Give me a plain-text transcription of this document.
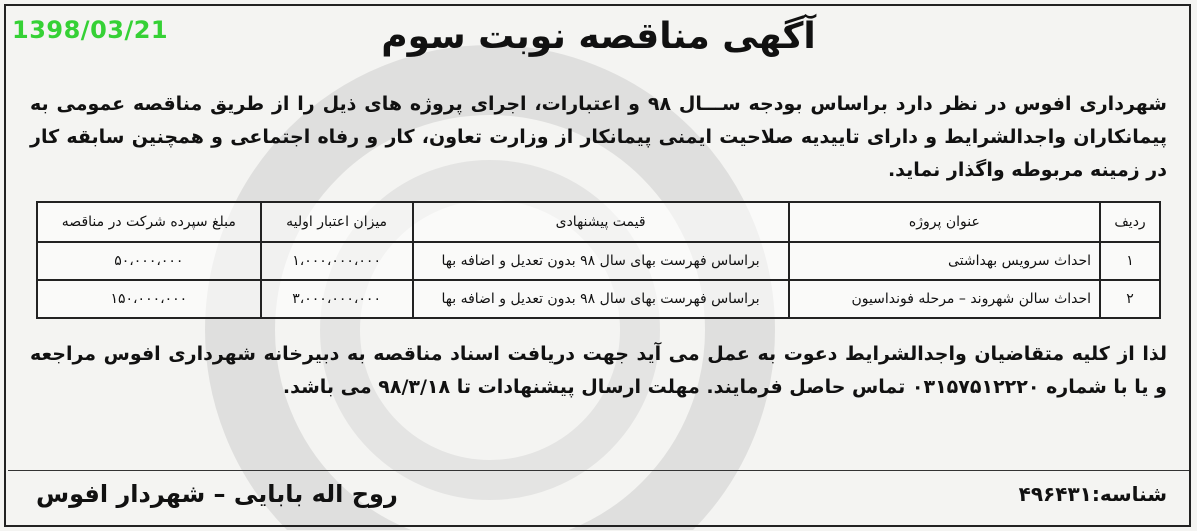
1398/03/21	آگهی مناقصه نوبت سوم
شهرداری افوس در نظر دارد براساس بودجه ســـال ۹۸ و اعتبارات، اجرای پروژه های ذیل را از طریق مناقصه عمومی به پیمانکاران واجدالشرایط و دارای تاییدیه صلاحیت ایمنی پیمانکار از وزارت تعاون، کار و رفاه اجتماعی و همچنین سابقه کار در زمینه مربوطه واگذار نماید.
ردیف	عنوان پروژه	قیمت پیشنهادی	میزان اعتبار اولیه	مبلغ سپرده شرکت در مناقصه
۱	احداث سرویس بهداشتی	براساس فهرست بهای سال ۹۸ بدون تعدیل و اضافه بها	۱،۰۰۰،۰۰۰،۰۰۰	۵۰،۰۰۰،۰۰۰
۲	احداث سالن شهروند – مرحله فونداسیون	براساس فهرست بهای سال ۹۸ بدون تعدیل و اضافه بها	۳،۰۰۰،۰۰۰،۰۰۰	۱۵۰،۰۰۰،۰۰۰
لذا از کلیه متقاضیان واجدالشرایط دعوت به عمل می آید جهت دریافت اسناد مناقصه به دبیرخانه شهرداری افوس مراجعه و یا با شماره ۰۳۱۵۷۵۱۲۲۲۰ تماس حاصل فرمایند. مهلت ارسال پیشنهادات تا ۹۸/۳/۱۸ می باشد.
شناسه:۴۹۶۴۳۱
روح اله بابایی – شهردار افوس
